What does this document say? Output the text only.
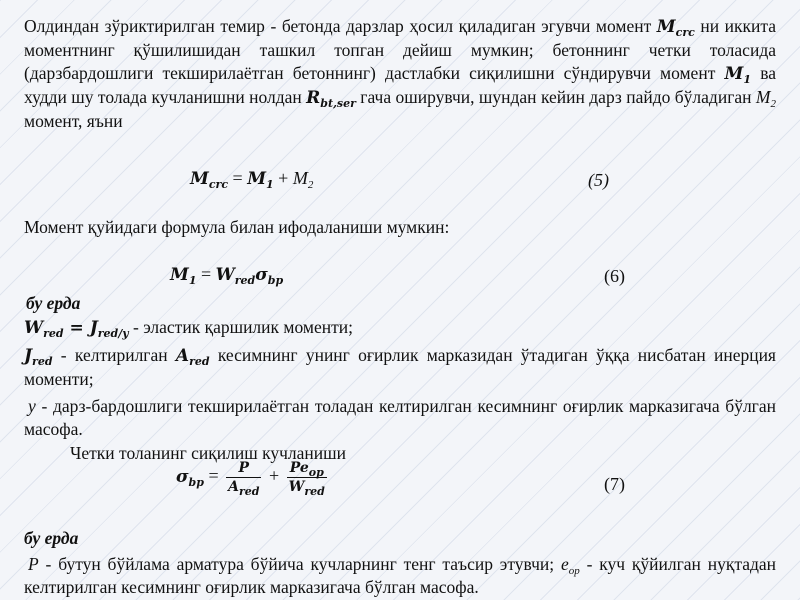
Олдиндан зўриктирилган темир - бетонда дарзлар ҳосил қиладиган эгувчи момент $M_{crc}$ ни иккита моментнинг қўшилишидан ташкил топган дейиш мумкин; бетоннинг четки толасида (дарзбардошлиги текширилаётган бетоннинг) дастлабки сиқилишни сўндирувчи момент $M_1$ ва худди шу толада кучланишни нолдан $R_{bt,ser}$ гача оширувчи, шундан кейин дарз пайдо бўладиган $M_2$ момент, яъни
$M_{crc} = M_1 + M_2$	(5)
Момент қуйидаги формула билан ифодаланиши мумкин:
$M_1 = W_{red}\sigma_{bp}$	(6)
бу ерда
$W_{red} = J_{red/y}$ - эластик қаршилик моменти;
$J_{red}$ - келтирилган $A_{red}$ кесимнинг унинг оғирлик марказидан ўтадиган ўққа нисбатан инерция моменти;
y - дарз-бардошлиги текширилаётган толадан келтирилган кесимнинг оғирлик марказигача бўлган масофа.
Четки толанинг сиқилиш кучланиши
$\sigma_{bp} = \frac{P}{A_{red}} + \frac{Pe_{op}}{W_{red}}$	(7)
бу ерда
P - бутун бўйлама арматура бўйича кучларнинг тенг таъсир этувчи; $e_{op}$ - куч қўйилган нуқтадан келтирилган кесимнинг оғирлик марказигача бўлган масофа.
